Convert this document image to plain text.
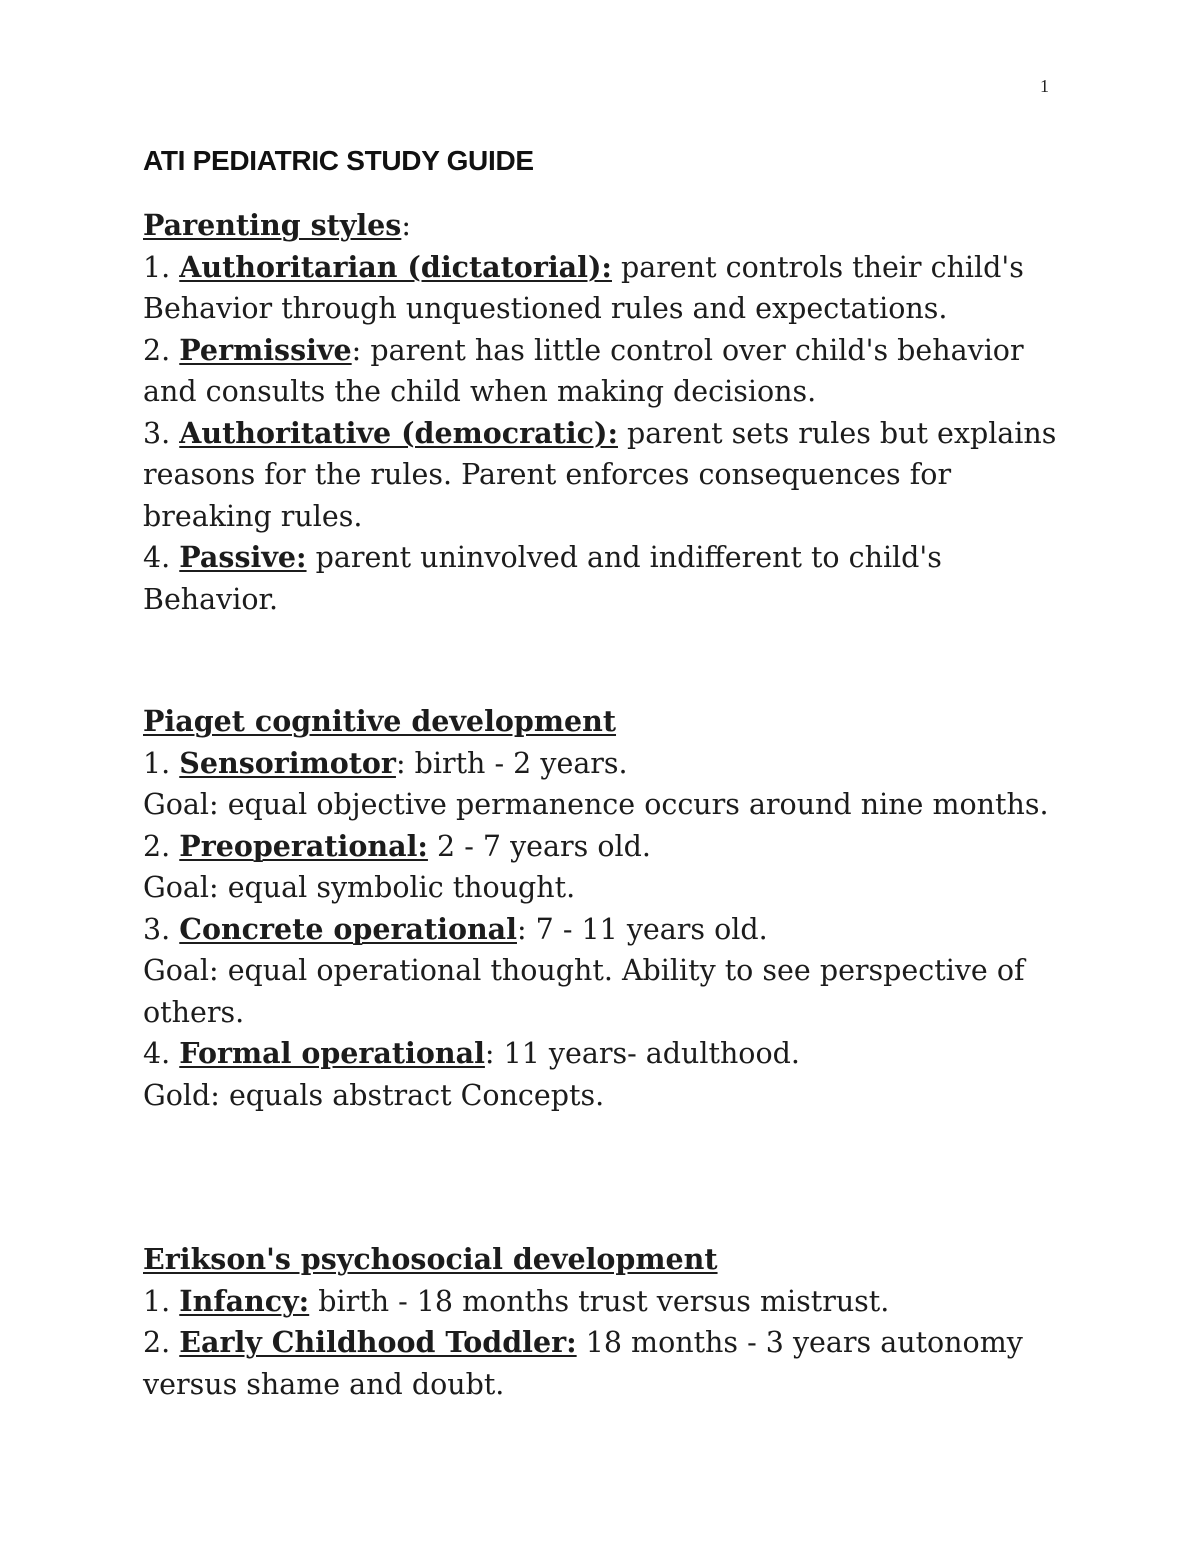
1
ATI PEDIATRIC STUDY GUIDE
Parenting styles:

1. Authoritarian (dictatorial): parent controls their child's Behavior through unquestioned rules and expectations.

2. Permissive: parent has little control over child's behavior and consults the child when making decisions.

3. Authoritative (democratic): parent sets rules but explains reasons for the rules. Parent enforces consequences for breaking rules.

4. Passive: parent uninvolved and indifferent to child's Behavior.

Piaget cognitive development

1. Sensorimotor: birth - 2 years.

Goal: equal objective permanence occurs around nine months.

2. Preoperational: 2 - 7 years old.

Goal: equal symbolic thought.

3. Concrete operational: 7 - 11 years old.

Goal: equal operational thought. Ability to see perspective of others.

4. Formal operational: 11 years- adulthood.

Gold: equals abstract Concepts.

Erikson's psychosocial development

1. Infancy: birth - 18 months trust versus mistrust.

2. Early Childhood Toddler: 18 months - 3 years autonomy versus shame and doubt.
